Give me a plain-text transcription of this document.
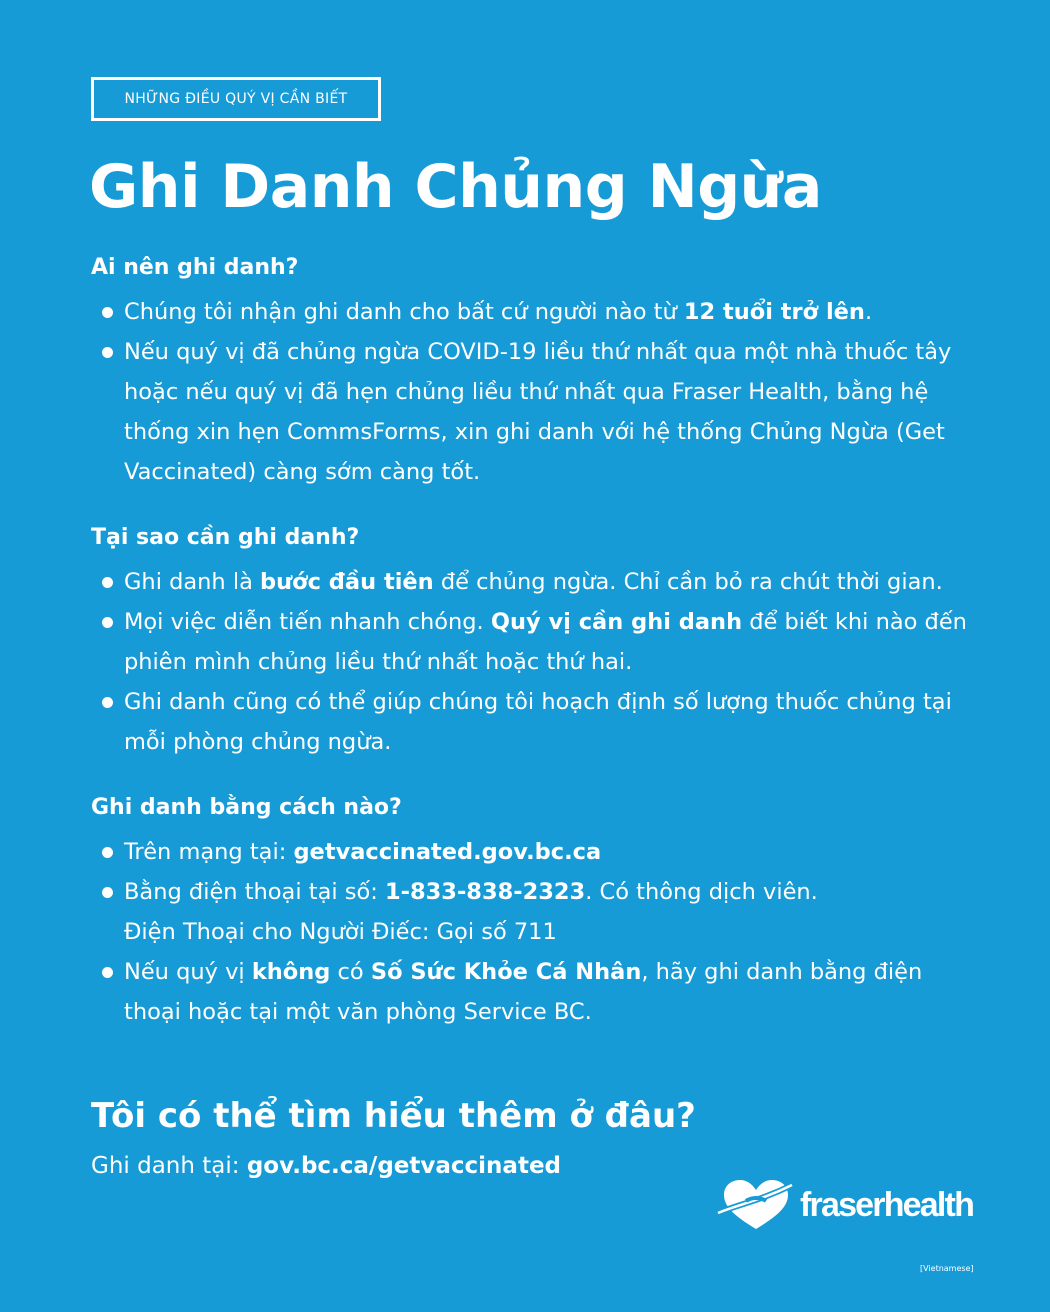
NHỮNG ĐIỀU QUÝ VỊ CẦN BIẾT
Ghi Danh Chủng Ngừa
Ai nên ghi danh?
Chúng tôi nhận ghi danh cho bất cứ người nào từ 12 tuổi trở lên.
Nếu quý vị đã chủng ngừa COVID-19 liều thứ nhất qua một nhà thuốc tây hoặc nếu quý vị đã hẹn chủng liều thứ nhất qua Fraser Health, bằng hệ thống xin hẹn CommsForms, xin ghi danh với hệ thống Chủng Ngừa (Get Vaccinated) càng sớm càng tốt.
Tại sao cần ghi danh?
Ghi danh là bước đầu tiên để chủng ngừa. Chỉ cần bỏ ra chút thời gian.
Mọi việc diễn tiến nhanh chóng. Quý vị cần ghi danh để biết khi nào đến phiên mình chủng liều thứ nhất hoặc thứ hai.
Ghi danh cũng có thể giúp chúng tôi hoạch định số lượng thuốc chủng tại mỗi phòng chủng ngừa.
Ghi danh bằng cách nào?
Trên mạng tại: getvaccinated.gov.bc.ca
Bằng điện thoại tại số: 1-833-838-2323. Có thông dịch viên.
Điện Thoại cho Người Điếc: Gọi số 711
Nếu quý vị không có Số Sức Khỏe Cá Nhân, hãy ghi danh bằng điện thoại hoặc tại một văn phòng Service BC.
Tôi có thể tìm hiểu thêm ở đâu?
Ghi danh tại: gov.bc.ca/getvaccinated
fraserhealth
[Vietnamese]
